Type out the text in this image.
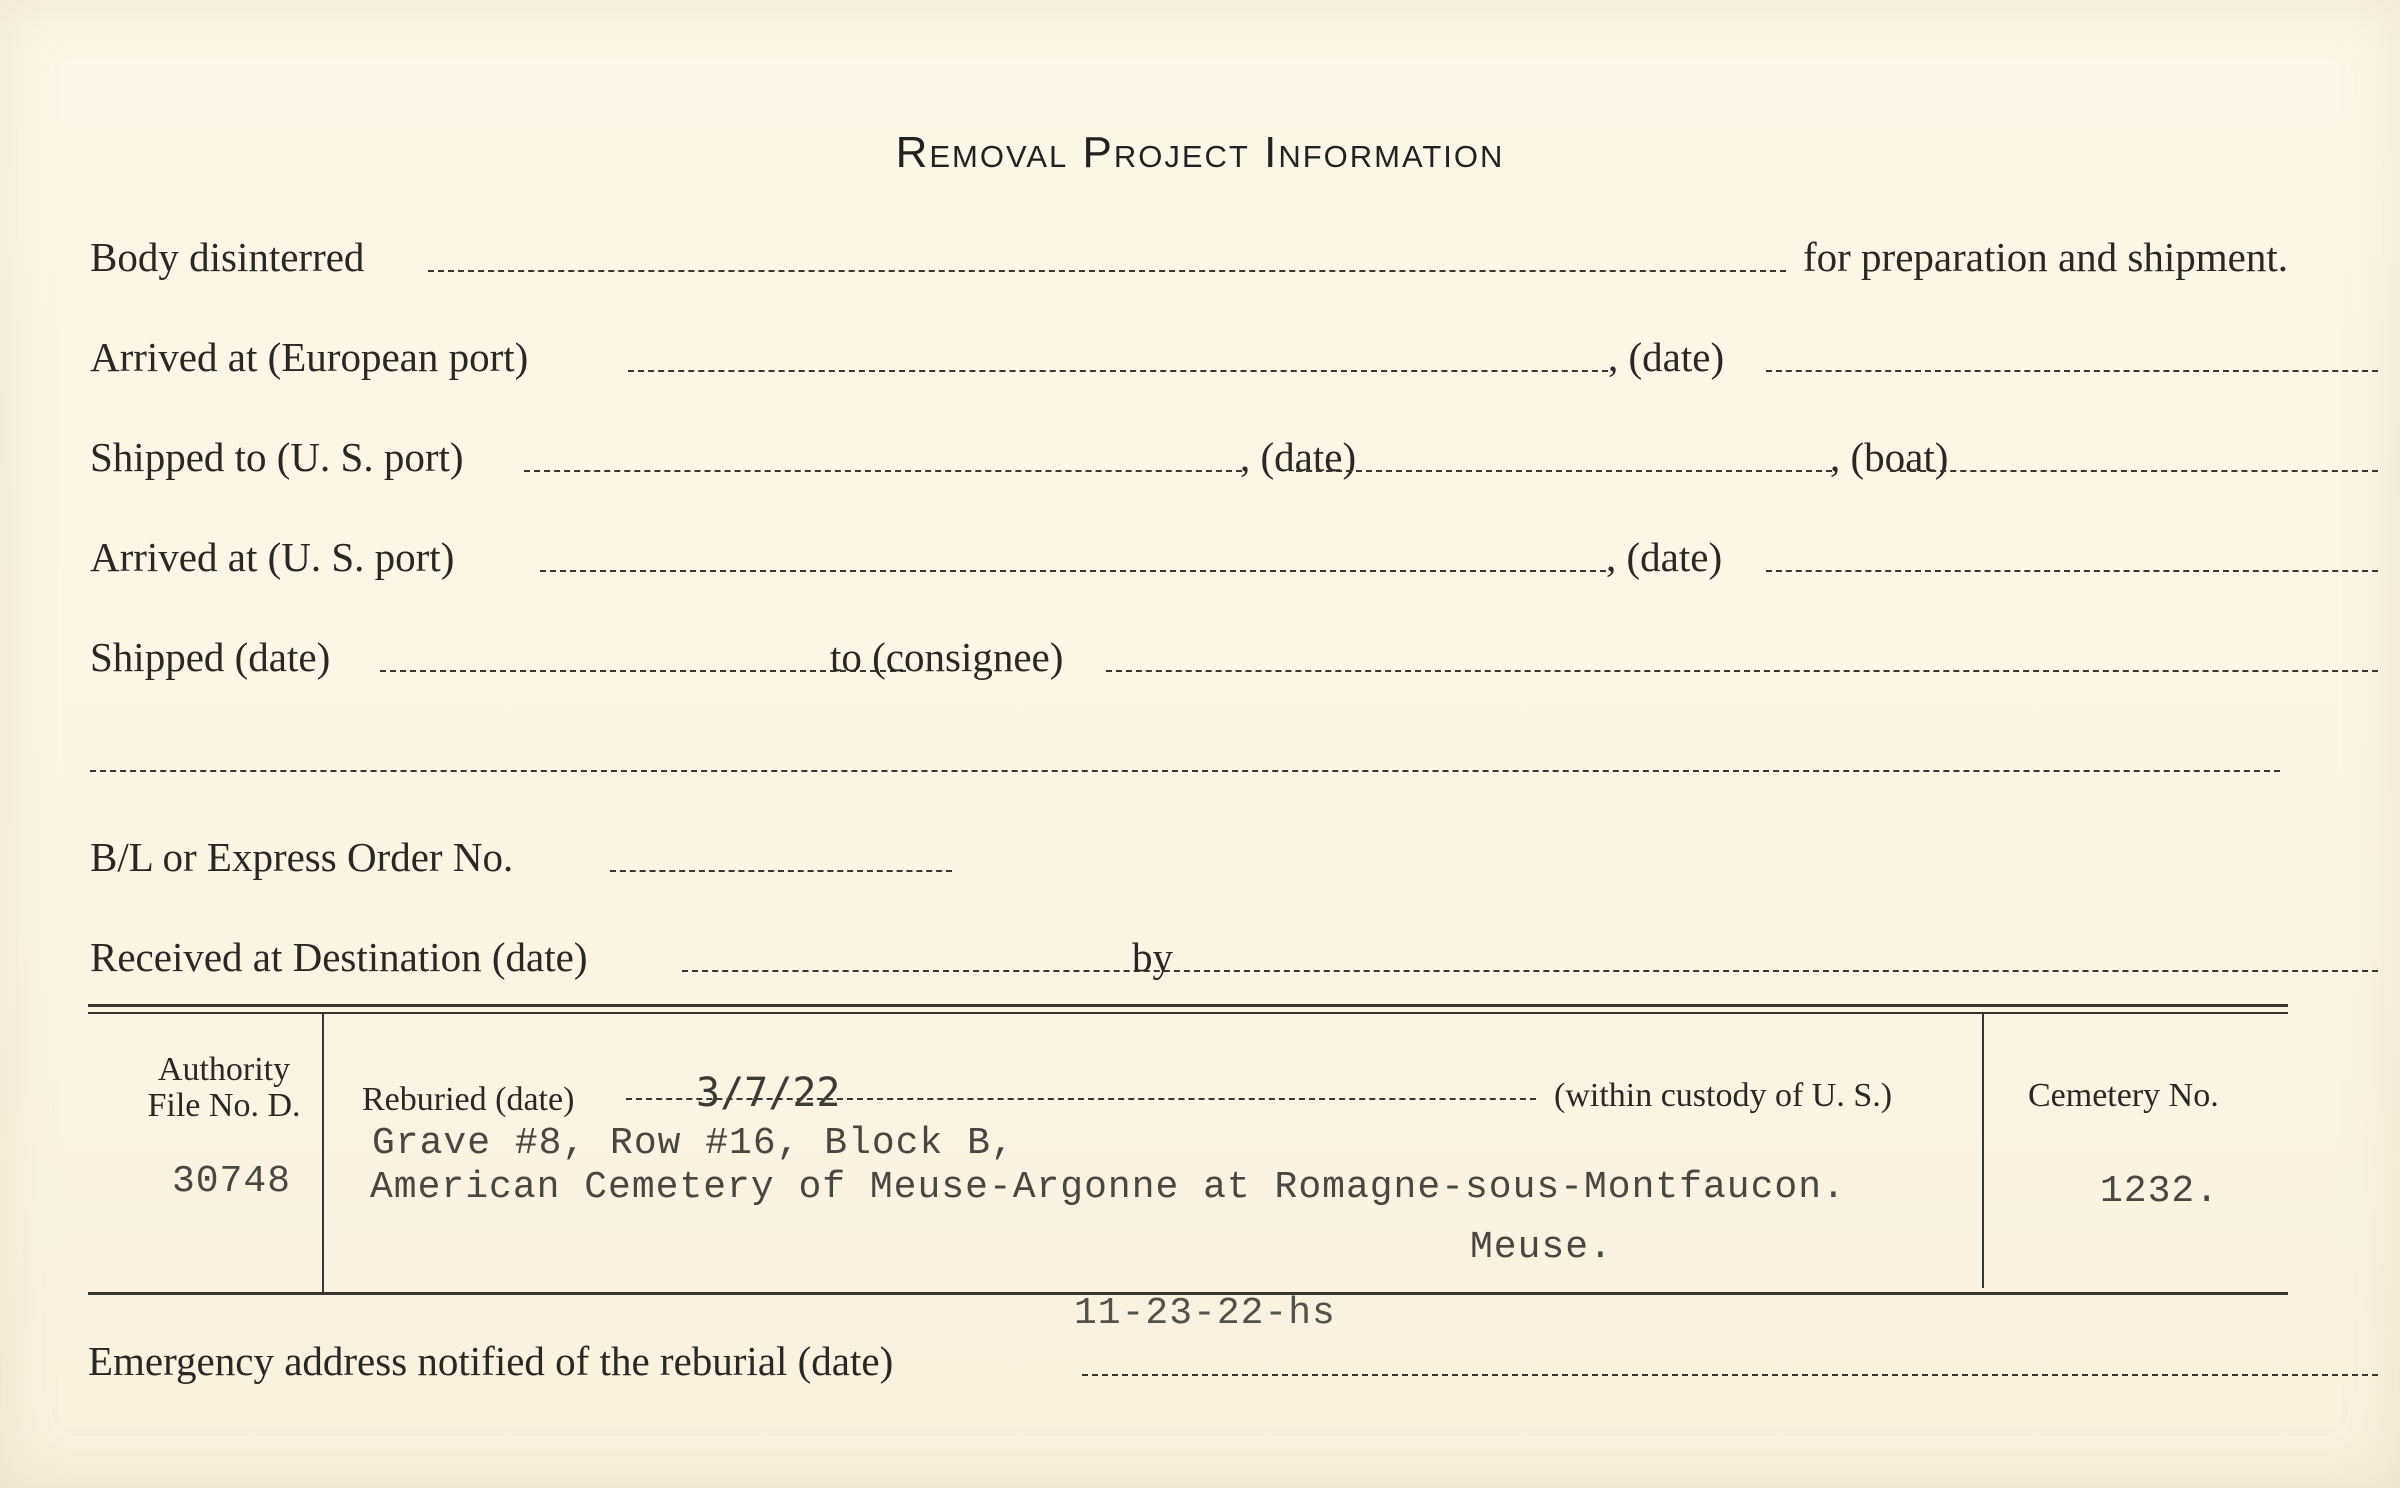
Removal Project Information
Body disinterred	for preparation and shipment.
Arrived at (European port)	, (date)
Shipped to (U. S. port)	, (date)	, (boat)
Arrived at (U. S. port)	, (date)
Shipped (date)	to (consignee)
B/L or Express Order No.
Received at Destination (date)	by
Authority
File No. D.
30748
Reburied (date)	3/7/22	(within custody of U. S.)
Grave #8, Row #16, Block B,
American Cemetery of Meuse-Argonne at Romagne-sous-Montfaucon.
Meuse.
Cemetery No.
1232.
11-23-22-hs
Emergency address notified of the reburial (date)
